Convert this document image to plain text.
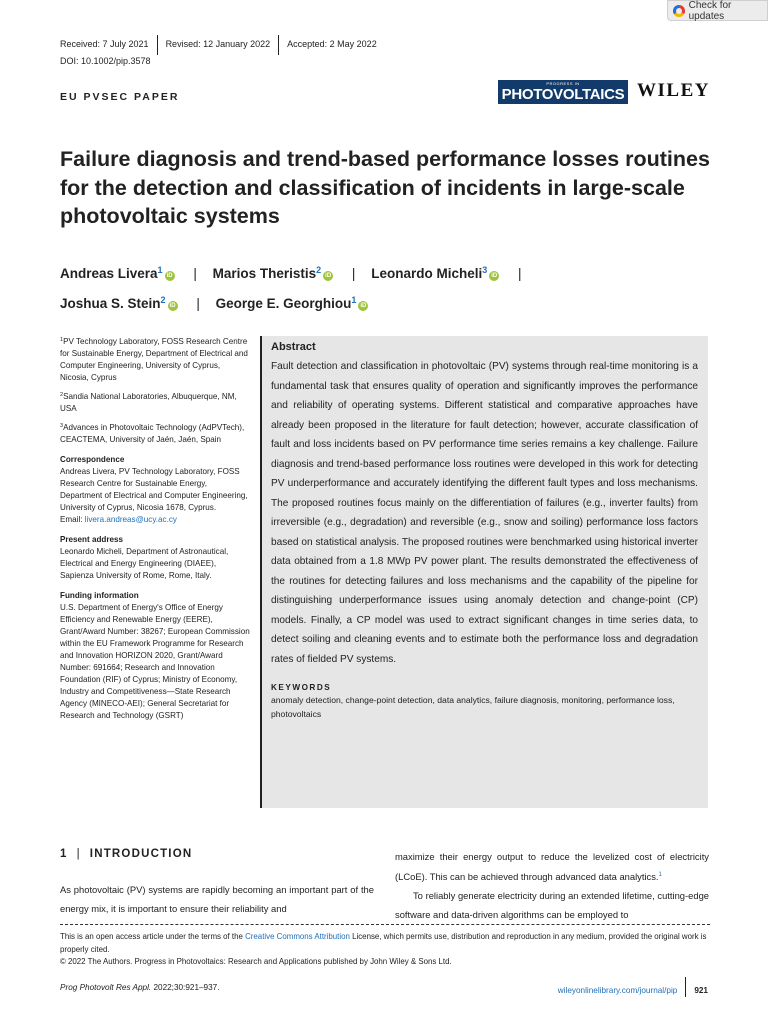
Check for updates
Received: 7 July 2021	Revised: 12 January 2022	Accepted: 2 May 2022
DOI: 10.1002/pip.3578
EU PVSEC PAPER
PROGRESS IN
PHOTOVOLTAICS WILEY
Failure diagnosis and trend-based performance losses routines for the detection and classification of incidents in large-scale photovoltaic systems
Andreas Livera$^1$iD | Marios Theristis$^2$iD | Leonardo Micheli$^3$iD |
Joshua S. Stein$^2$iD | George E. Georghiou$^1$iD
$^1$PV Technology Laboratory, FOSS Research Centre for Sustainable Energy, Department of Electrical and Computer Engineering, University of Cyprus, Nicosia, Cyprus
$^2$Sandia National Laboratories, Albuquerque, NM, USA
$^3$Advances in Photovoltaic Technology (AdPVTech), CEACTEMA, University of Jaén, Jaén, Spain
Correspondence
Andreas Livera, PV Technology Laboratory, FOSS Research Centre for Sustainable Energy, Department of Electrical and Computer Engineering, University of Cyprus, Nicosia 1678, Cyprus.
Email: livera.andreas@ucy.ac.cy
Present address
Leonardo Micheli, Department of Astronautical, Electrical and Energy Engineering (DIAEE), Sapienza University of Rome, Rome, Italy.
Funding information
U.S. Department of Energy's Office of Energy Efficiency and Renewable Energy (EERE), Grant/Award Number: 38267; European Commission within the EU Framework Programme for Research and Innovation HORIZON 2020, Grant/Award Number: 691664; Research and Innovation Foundation (RIF) of Cyprus; Ministry of Economy, Industry and Competitiveness—State Research Agency (MINECO-AEI); General Secretariat for Research and Technology (GSRT)
Abstract

Fault detection and classification in photovoltaic (PV) systems through real-time monitoring is a fundamental task that ensures quality of operation and significantly improves the performance and reliability of operating systems. Different statistical and comparative approaches have already been proposed in the literature for fault detection; however, accurate classification of fault and loss incidents based on PV performance time series remains a key challenge. Failure diagnosis and trend-based performance loss routines were developed in this work for detecting PV underperformance and accurately identifying the different fault types and loss mechanisms. The proposed routines focus mainly on the differentiation of failures (e.g., inverter faults) from irreversible (e.g., degradation) and reversible (e.g., snow and soiling) performance loss factors based on statistical analysis. The proposed routines were benchmarked using historical inverter data obtained from a 1.8 MWp PV power plant. The results demonstrated the effectiveness of the routines for detecting failures and loss mechanisms and the capability of the pipeline for distinguishing underperformance issues using anomaly detection and change-point (CP) models. Finally, a CP model was used to extract significant changes in time series data, to detect soiling and cleaning events and to estimate both the performance loss and degradation rates of fielded PV systems.

KEYWORDS
anomaly detection, change-point detection, data analytics, failure diagnosis, monitoring, performance loss, photovoltaics
1 | INTRODUCTION

As photovoltaic (PV) systems are rapidly becoming an important part of the energy mix, it is important to ensure their reliability and

maximize their energy output to reduce the levelized cost of electricity (LCoE). This can be achieved through advanced data analytics.$^1$

To reliably generate electricity during an extended lifetime, cutting-edge software and data-driven algorithms can be employed to

This is an open access article under the terms of the Creative Commons Attribution License, which permits use, distribution and reproduction in any medium, provided the original work is properly cited.
© 2022 The Authors. Progress in Photovoltaics: Research and Applications published by John Wiley & Sons Ltd.
Prog Photovolt Res Appl. 2022;30:921–937.	wileyonlinelibrary.com/journal/pip 921
